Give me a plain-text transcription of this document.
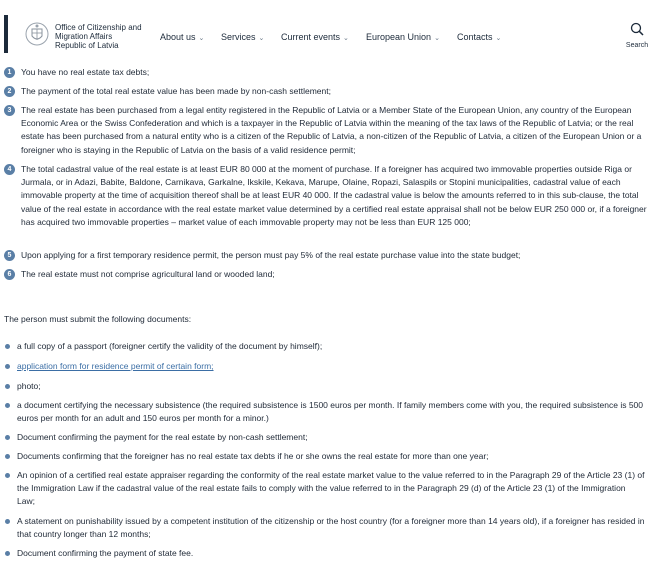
Office of Citizenship and
Migration Affairs
Republic of Latvia
About us ⌄ Services ⌄ Current events ⌄ European Union ⌄ Contacts ⌄
Search
1	You have no real estate tax debts;
2	The payment of the total real estate value has been made by non-cash settlement;
3	The real estate has been purchased from a legal entity registered in the Republic of Latvia or a Member State of the European Union, any country of the European Economic Area or the Swiss Confederation and which is a taxpayer in the Republic of Latvia within the meaning of the tax laws of the Republic of Latvia; or the real estate has been purchased from a natural entity who is a citizen of the Republic of Latvia, a non-citizen of the Republic of Latvia, a citizen of the European Union or a foreigner who is staying in the Republic of Latvia on the basis of a valid residence permit;
4	The total cadastral value of the real estate is at least EUR 80 000 at the moment of purchase. If a foreigner has acquired two immovable properties outside Riga or Jurmala, or in Adazi, Babite, Baldone, Carnikava, Garkalne, Ikskile, Kekava, Marupe, Olaine, Ropazi, Salaspils or Stopini municipalities, cadastral value of each immovable property at the time of acquisition thereof shall be at least EUR 40 000. If the cadastral value is below the amounts referred to in this sub-clause, the total value of the real estate in accordance with the real estate market value determined by a certified real estate appraisal shall not be below EUR 250 000 or, if a foreigner has acquired two immovable properties – market value of each immovable property may not be less than EUR 125 000;
5	Upon applying for a first temporary residence permit, the person must pay 5% of the real estate purchase value into the state budget;
6	The real estate must not comprise agricultural land or wooded land;
The person must submit the following documents:
a full copy of a passport (foreigner certify the validity of the document by himself);
application form for residence permit of certain form;
photo;
a document certifying the necessary subsistence (the required subsistence is 1500 euros per month. If family members come with you, the required subsistence is 500 euros per month for an adult and 150 euros per month for a minor.)
Document confirming the payment for the real estate by non-cash settlement;
Documents confirming that the foreigner has no real estate tax debts if he or she owns the real estate for more than one year;
An opinion of a certified real estate appraiser regarding the conformity of the real estate market value to the value referred to in the Paragraph 29 of the Article 23 (1) of the Immigration Law if the cadastral value of the real estate fails to comply with the value referred to in the Paragraph 29 (d) of the Article 23 (1) of the Immigration Law;
A statement on punishability issued by a competent institution of the citizenship or the host country (for a foreigner more than 14 years old), if a foreigner has resided in that country longer than 12 months;
Document confirming the payment of state fee.
